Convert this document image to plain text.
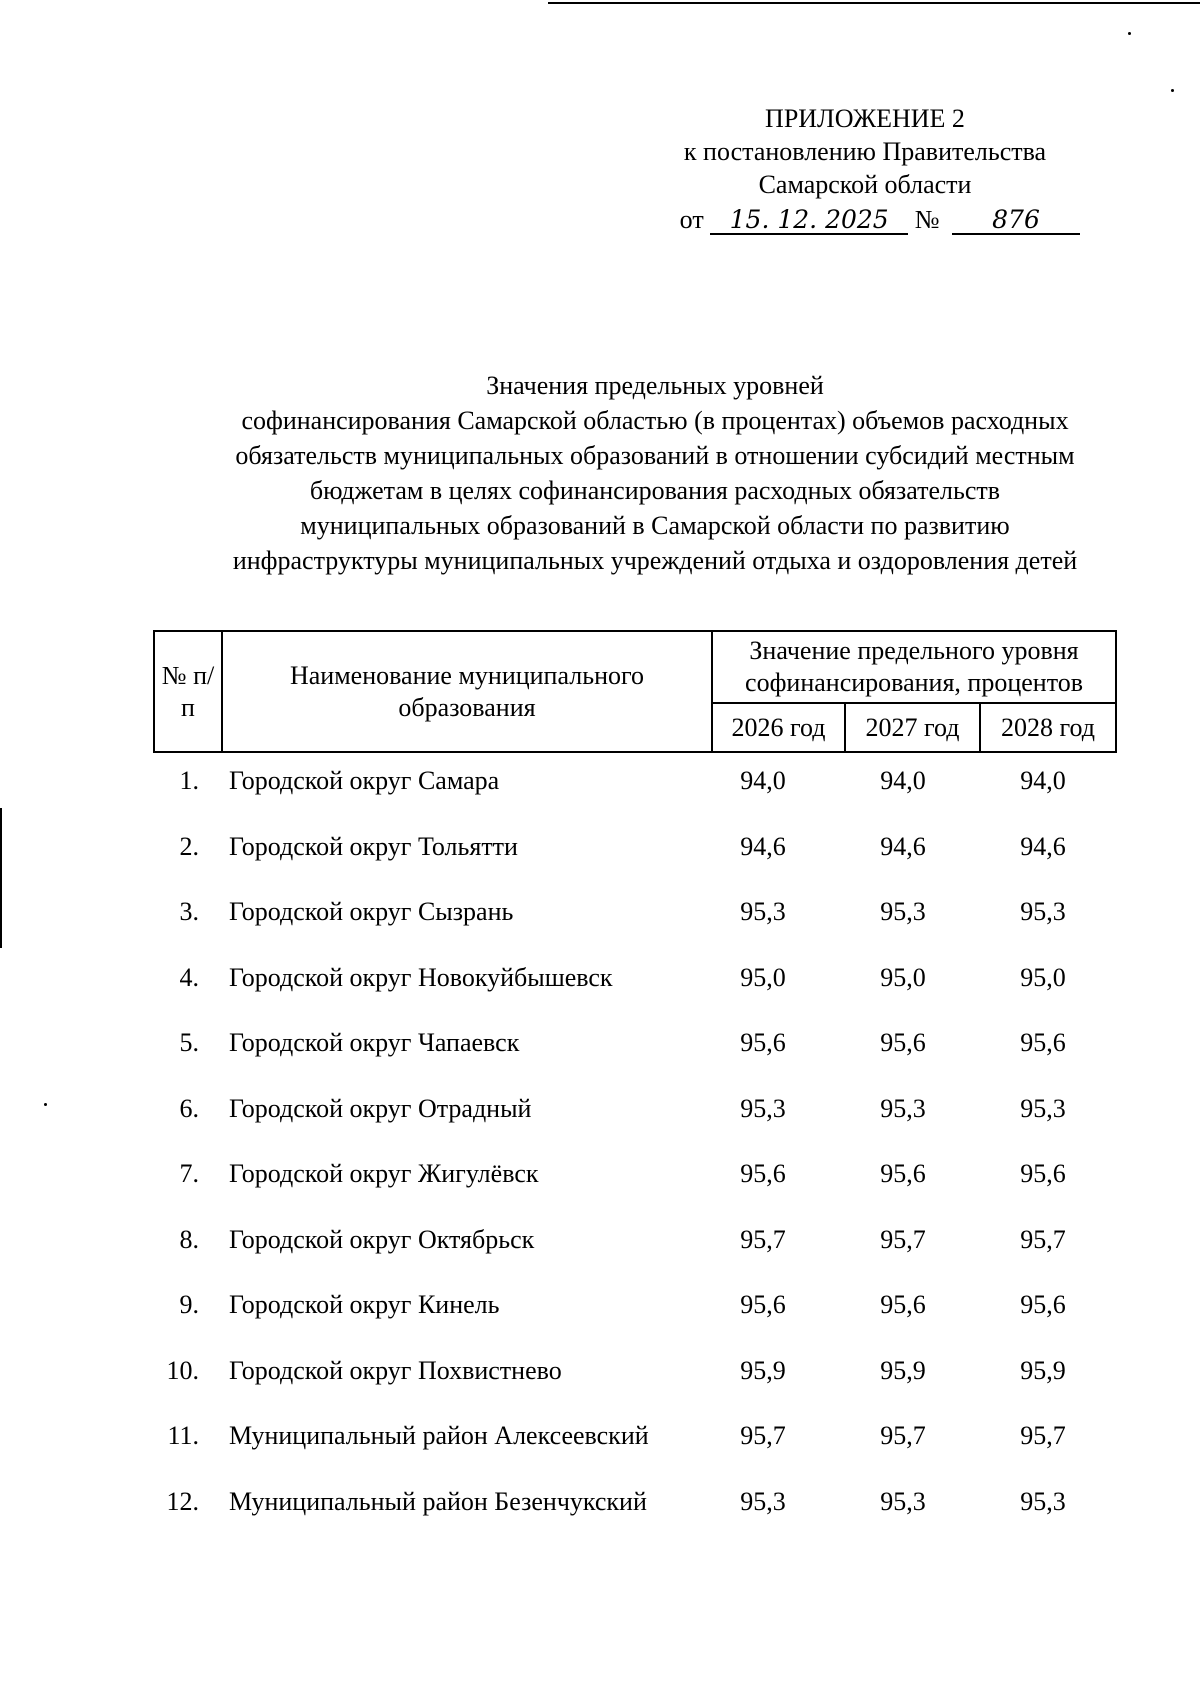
ПРИЛОЖЕНИЕ 2
к постановлению Правительства
Самарской области
от 15. 12. 2025 № 876
Значения предельных уровней
софинансирования Самарской областью (в процентах) объемов расходных
обязательств муниципальных образований в отношении субсидий местным
бюджетам в целях софинансирования расходных обязательств
муниципальных образований в Самарской области по развитию
инфраструктуры муниципальных учреждений отдыха и оздоровления детей
№ п/п	Наименование муниципального образования	Значение предельного уровня софинансирования, процентов		
		2026 год	2027 год	2028 год
1. Городской округ Самара	94,0	94,0	94,0
2. Городской округ Тольятти	94,6	94,6	94,6
3. Городской округ Сызрань	95,3	95,3	95,3
4. Городской округ Новокуйбышевск	95,0	95,0	95,0
5. Городской округ Чапаевск	95,6	95,6	95,6
6. Городской округ Отрадный	95,3	95,3	95,3
7. Городской округ Жигулёвск	95,6	95,6	95,6
8. Городской округ Октябрьск	95,7	95,7	95,7
9. Городской округ Кинель	95,6	95,6	95,6
10. Городской округ Похвистнево	95,9	95,9	95,9
11. Муниципальный район Алексеевский	95,7	95,7	95,7
12. Муниципальный район Безенчукский	95,3	95,3	95,3
